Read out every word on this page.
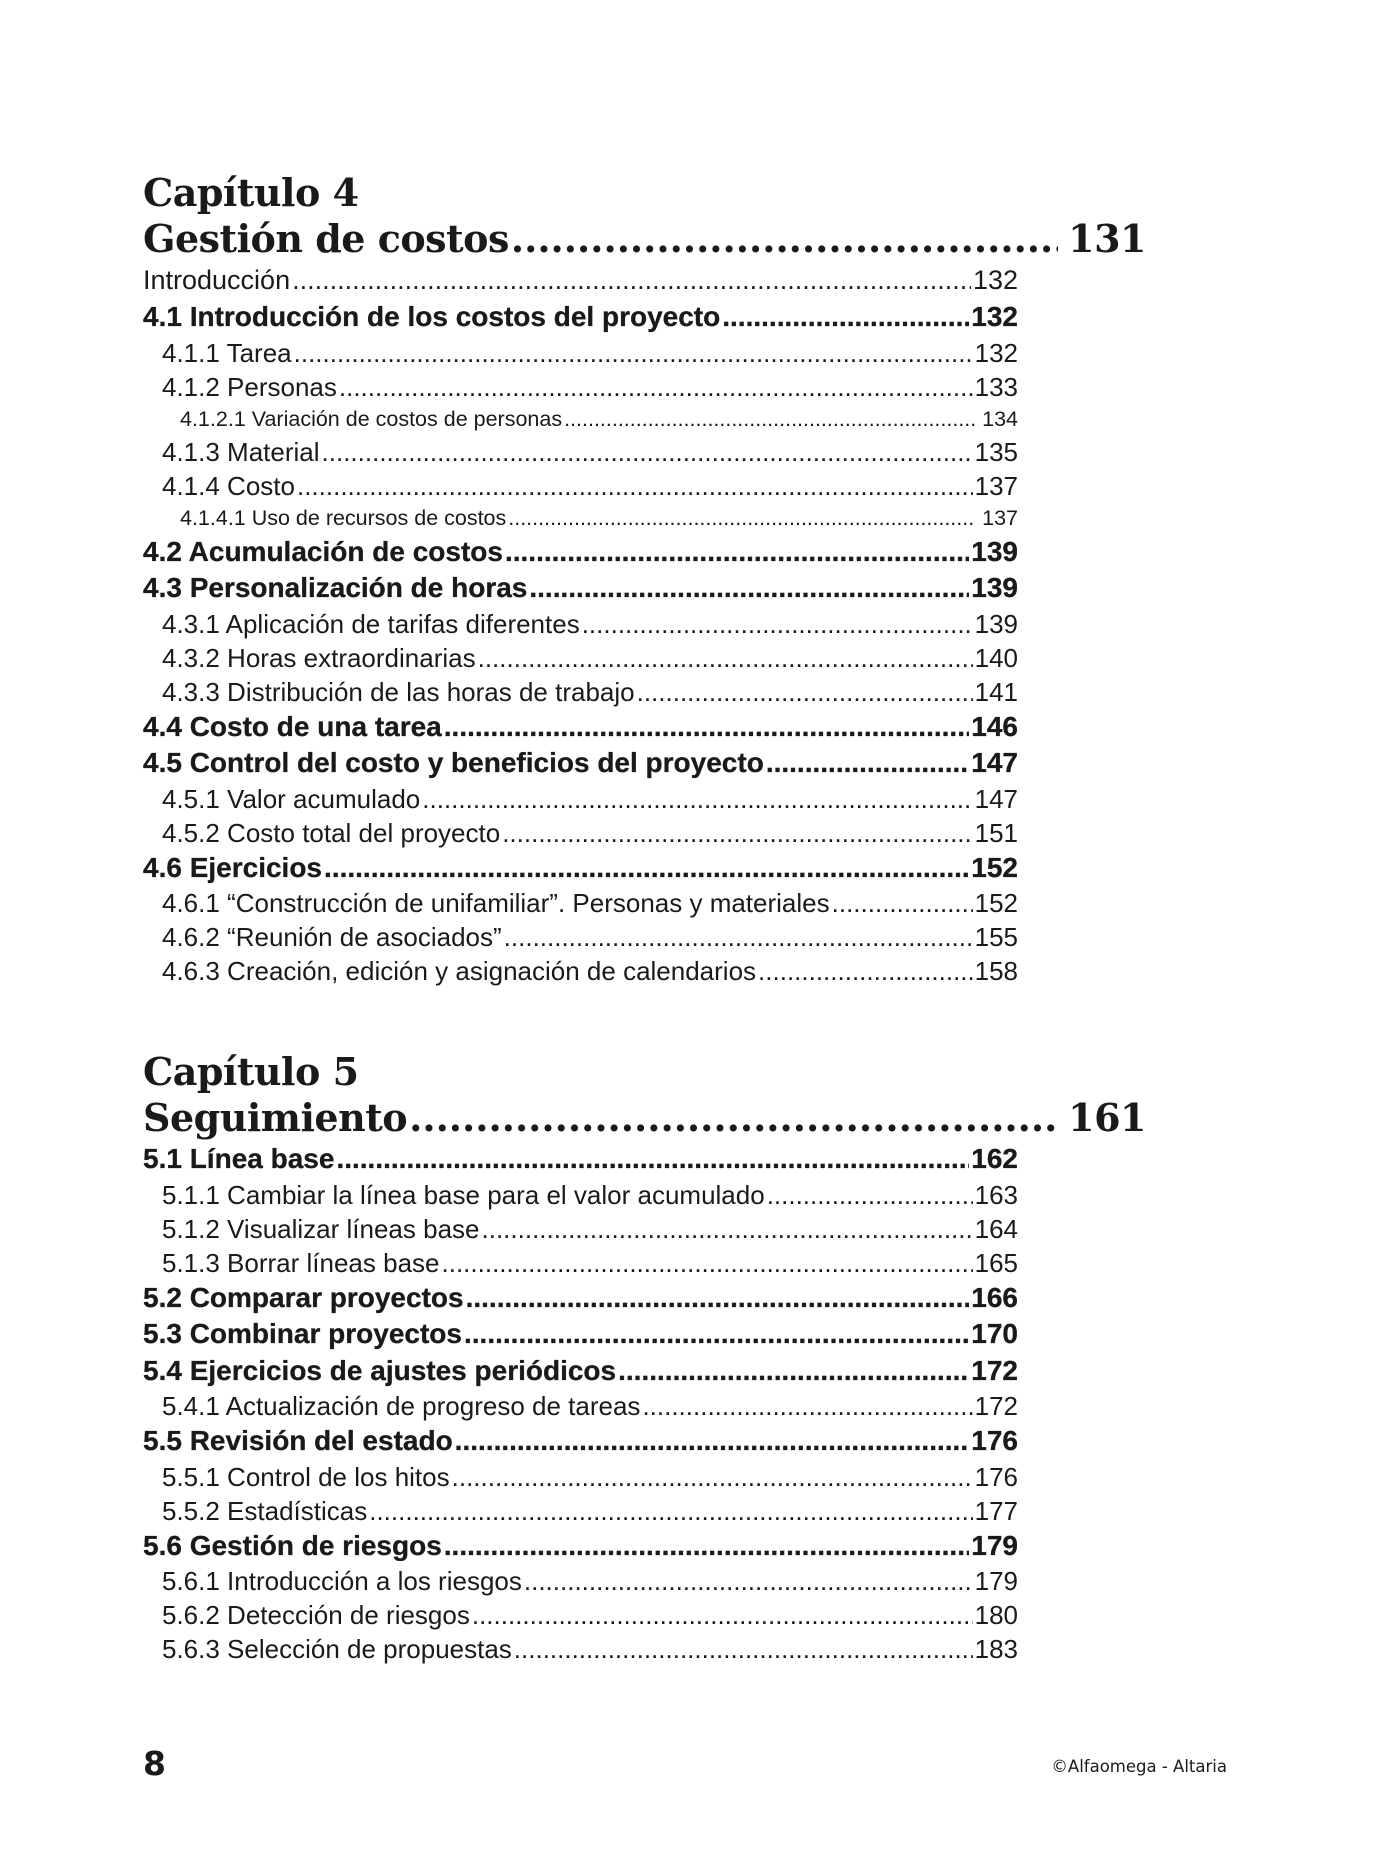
Capítulo 4
Gestión de costos .....	131
Introducción .....	132
4.1 Introducción de los costos del proyecto .....	132
4.1.1 Tarea .....	132
4.1.2 Personas .....	133
4.1.2.1 Variación de costos de personas .....	134
4.1.3 Material .....	135
4.1.4 Costo .....	137
4.1.4.1 Uso de recursos de costos .....	137
4.2 Acumulación de costos .....	139
4.3 Personalización de horas .....	139
4.3.1 Aplicación de tarifas diferentes .....	139
4.3.2 Horas extraordinarias .....	140
4.3.3 Distribución de las horas de trabajo .....	141
4.4 Costo de una tarea .....	146
4.5 Control del costo y beneficios del proyecto .....	147
4.5.1 Valor acumulado .....	147
4.5.2 Costo total del proyecto .....	151
4.6 Ejercicios .....	152
4.6.1 “Construcción de unifamiliar”. Personas y materiales .....	152
4.6.2 “Reunión de asociados” .....	155
4.6.3 Creación, edición y asignación de calendarios .....	158
Capítulo 5
Seguimiento .....	161
5.1 Línea base .....	162
5.1.1 Cambiar la línea base para el valor acumulado .....	163
5.1.2 Visualizar líneas base .....	164
5.1.3 Borrar líneas base .....	165
5.2 Comparar proyectos .....	166
5.3 Combinar proyectos .....	170
5.4 Ejercicios de ajustes periódicos .....	172
5.4.1 Actualización de progreso de tareas .....	172
5.5 Revisión del estado .....	176
5.5.1 Control de los hitos .....	176
5.5.2 Estadísticas .....	177
5.6 Gestión de riesgos .....	179
5.6.1 Introducción a los riesgos .....	179
5.6.2 Detección de riesgos .....	180
5.6.3 Selección de propuestas .....	183
8	©Alfaomega - Altaria
